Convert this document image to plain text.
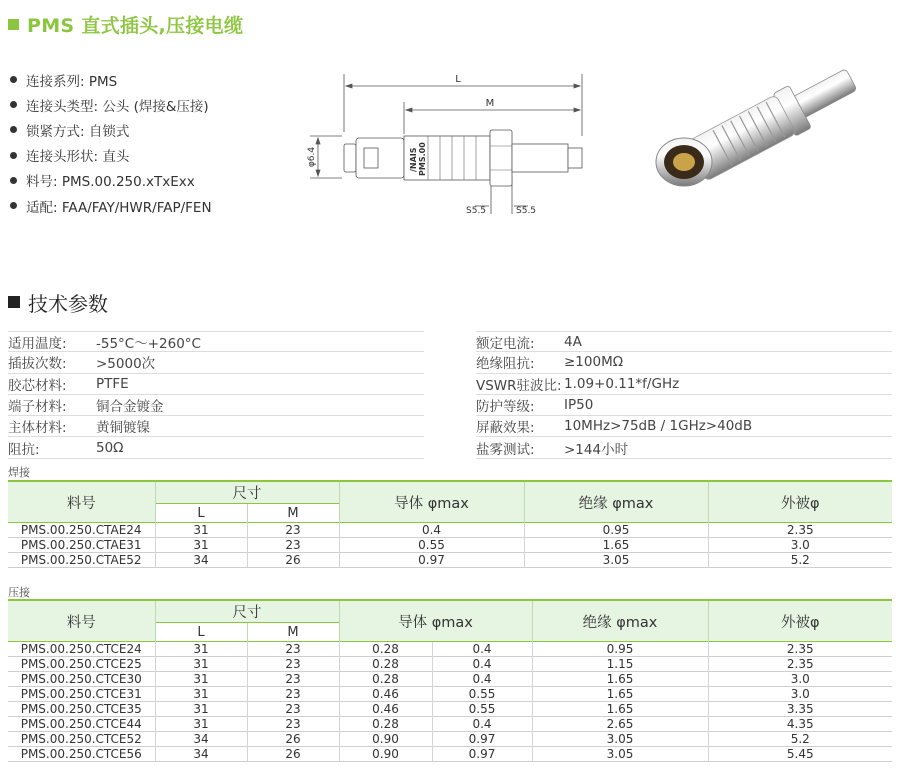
PMS 直式插头,压接电缆
连接系列: PMS
连接头类型: 公头 (焊接&压接)
锁紧方式: 自锁式
连接头形状: 直头
料号: PMS.00.250.xTxExx
适配: FAA/FAY/HWR/FAP/FEN
L
M
φ6.4
S5.5	S5.5
/NAIS PMS.00
技术参数
适用温度:	-55°C～+260°C
插拔次数:	>5000次
胶芯材料:	PTFE
端子材料:	铜合金镀金
主体材料:	黄铜镀镍
阻抗:	50Ω
额定电流:	4A
绝缘阻抗:	≥100MΩ
VSWR驻波比: 1.09+0.11*f/GHz
防护等级:	IP50
屏蔽效果:	10MHz>75dB / 1GHz>40dB
盐雾测试:	>144小时
焊接
料号	尺寸		导体 φmax	绝缘 φmax	外被φ
	L	M			
PMS.00.250.CTAE24	31	23	0.4	0.95	2.35
PMS.00.250.CTAE31	31	23	0.55	1.65	3.0
PMS.00.250.CTAE52	34	26	0.97	3.05	5.2
压接
料号	尺寸		导体 φmax		绝缘 φmax	外被φ
	L	M				
PMS.00.250.CTCE24	31	23	0.28	0.4	0.95	2.35
PMS.00.250.CTCE25	31	23	0.28	0.4	1.15	2.35
PMS.00.250.CTCE30	31	23	0.28	0.4	1.65	3.0
PMS.00.250.CTCE31	31	23	0.46	0.55	1.65	3.0
PMS.00.250.CTCE35	31	23	0.46	0.55	1.65	3.35
PMS.00.250.CTCE44	31	23	0.28	0.4	2.65	4.35
PMS.00.250.CTCE52	34	26	0.90	0.97	3.05	5.2
PMS.00.250.CTCE56	34	26	0.90	0.97	3.05	5.45
